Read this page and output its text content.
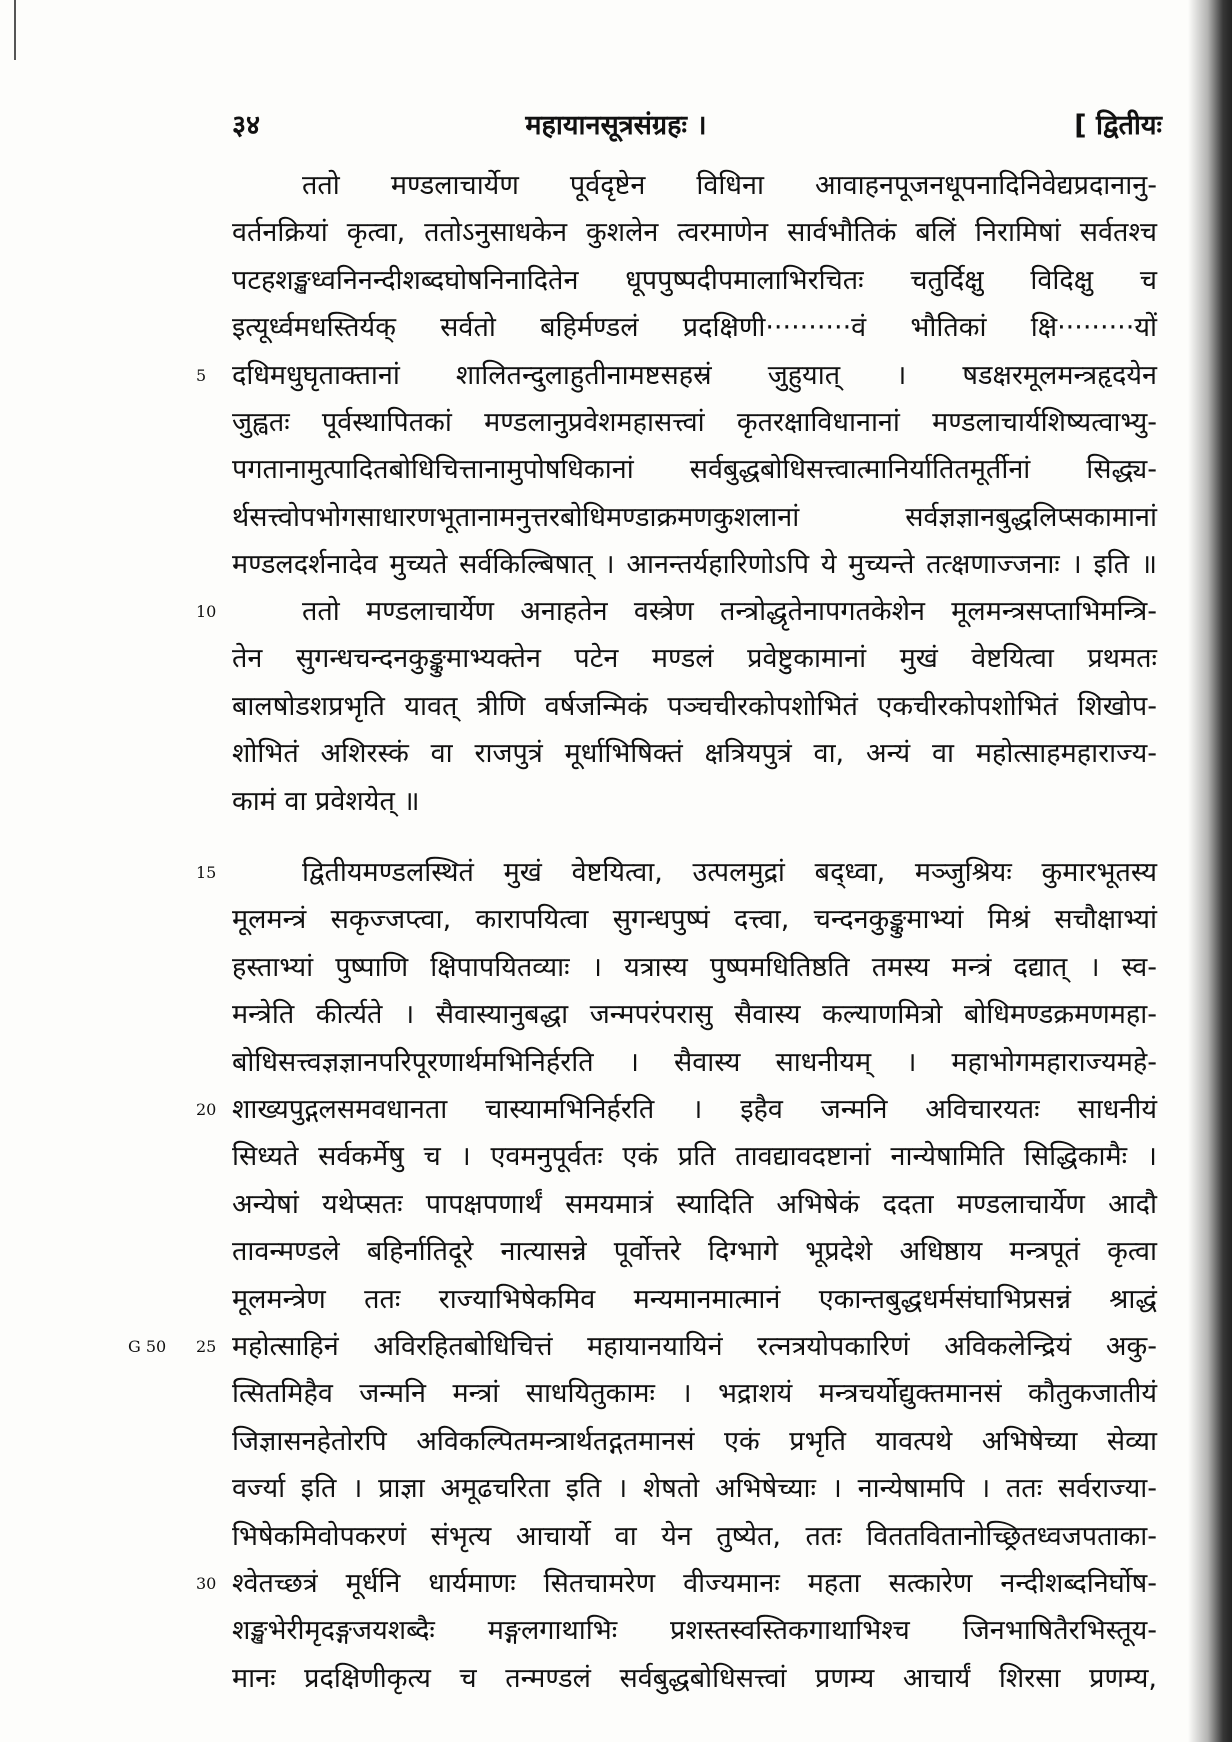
३४	महायानसूत्रसंग्रहः ।	[ द्वितीयः
ततो मण्डलाचार्येण पूर्वदृष्टेन विधिना आवाहनपूजनधूपनादिनिवेद्यप्रदानानु-
वर्तनक्रियां कृत्वा, ततोऽनुसाधकेन कुशलेन त्वरमाणेन सार्वभौतिकं बलिं निरामिषां सर्वतश्च
पटहशङ्खध्वनिनन्दीशब्दघोषनिनादितेन धूपपुष्पदीपमालाभिरचितः चतुर्दिक्षु विदिक्षु च
इत्यूर्ध्वमधस्तिर्यक् सर्वतो बहिर्मण्डलं प्रदक्षिणी··········वं भौतिकां क्षि·········यों
दधिमधुघृताक्तानां शालितन्दुलाहुतीनामष्टसहस्रं जुहुयात् । षडक्षरमूलमन्त्रहृदयेन
5
जुह्वतः पूर्वस्थापितकां मण्डलानुप्रवेशमहासत्त्वां कृतरक्षाविधानानां मण्डलाचार्यशिष्यत्वाभ्यु-
पगतानामुत्पादितबोधिचित्तानामुपोषधिकानां सर्वबुद्धबोधिसत्त्वात्मानिर्यातितमूर्तीनां सिद्ध्य-
र्थसत्त्वोपभोगसाधारणभूतानामनुत्तरबोधिमण्डाक्रमणकुशलानां सर्वज्ञज्ञानबुद्धलिप्सकामानां
मण्डलदर्शनादेव मुच्यते सर्वकिल्बिषात् । आनन्तर्यहारिणोऽपि ये मुच्यन्ते तत्क्षणाज्जनाः । इति ॥
ततो मण्डलाचार्येण अनाहतेन वस्त्रेण तन्त्रोद्धृतेनापगतकेशेन मूलमन्त्रसप्ताभिमन्त्रि-
10
तेन सुगन्धचन्दनकुङ्कुमाभ्यक्तेन पटेन मण्डलं प्रवेष्टुकामानां मुखं वेष्टयित्वा प्रथमतः
बालषोडशप्रभृति यावत् त्रीणि वर्षजन्मिकं पञ्चचीरकोपशोभितं एकचीरकोपशोभितं शिखोप-
शोभितं अशिरस्कं वा राजपुत्रं मूर्धाभिषिक्तं क्षत्रियपुत्रं वा, अन्यं वा महोत्साहमहाराज्य-
कामं वा प्रवेशयेत् ॥
द्वितीयमण्डलस्थितं मुखं वेष्टयित्वा, उत्पलमुद्रां बद्ध्वा, मञ्जुश्रियः कुमारभूतस्य
15
मूलमन्त्रं सकृज्जप्त्वा, कारापयित्वा सुगन्धपुष्पं दत्त्वा, चन्दनकुङ्कुमाभ्यां मिश्रं सचौक्षाभ्यां
हस्ताभ्यां पुष्पाणि क्षिपापयितव्याः । यत्रास्य पुष्पमधितिष्ठति तमस्य मन्त्रं दद्यात् । स्व-
मन्त्रेति कीर्त्यते । सैवास्यानुबद्धा जन्मपरंपरासु सैवास्य कल्याणमित्रो बोधिमण्डक्रमणमहा-
बोधिसत्त्वज्ञज्ञानपरिपूरणार्थमभिनिर्हरति । सैवास्य साधनीयम् । महाभोगमहाराज्यमहे-
शाख्यपुद्गलसमवधानता चास्यामभिनिर्हरति । इहैव जन्मनि अविचारयतः साधनीयं
20
सिध्यते सर्वकर्मेषु च । एवमनुपूर्वतः एकं प्रति तावद्यावदष्टानां नान्येषामिति सिद्धिकामैः ।
अन्येषां यथेप्सतः पापक्षपणार्थं समयमात्रं स्यादिति अभिषेकं ददता मण्डलाचार्येण आदौ
तावन्मण्डले बहिर्नातिदूरे नात्यासन्ने पूर्वोत्तरे दिग्भागे भूप्रदेशे अधिष्ठाय मन्त्रपूतं कृत्वा
मूलमन्त्रेण ततः राज्याभिषेकमिव मन्यमानमात्मानं एकान्तबुद्धधर्मसंघाभिप्रसन्नं श्राद्धं
महोत्साहिनं अविरहितबोधिचित्तं महायानयायिनं रत्नत्रयोपकारिणं अविकलेन्द्रियं अकु-
25
G 50
त्सितमिहैव जन्मनि मन्त्रां साधयितुकामः । भद्राशयं मन्त्रचर्योद्युक्तमानसं कौतुकजातीयं
जिज्ञासनहेतोरपि अविकल्पितमन्त्रार्थतद्गतमानसं एकं प्रभृति यावत्पथे अभिषेच्या सेव्या
वर्ज्या इति । प्राज्ञा अमूढचरिता इति । शेषतो अभिषेच्याः । नान्येषामपि । ततः सर्वराज्या-
भिषेकमिवोपकरणं संभृत्य आचार्यो वा येन तुष्येत, ततः विततवितानोच्छ्रितध्वजपताका-
श्वेतच्छत्रं मूर्धनि धार्यमाणः सितचामरेण वीज्यमानः महता सत्कारेण नन्दीशब्दनिर्घोष-
30
शङ्खभेरीमृदङ्गजयशब्दैः मङ्गलगाथाभिः प्रशस्तस्वस्तिकगाथाभिश्च जिनभाषितैरभिस्तूय-
मानः प्रदक्षिणीकृत्य च तन्मण्डलं सर्वबुद्धबोधिसत्त्वां प्रणम्य आचार्यं शिरसा प्रणम्य,
